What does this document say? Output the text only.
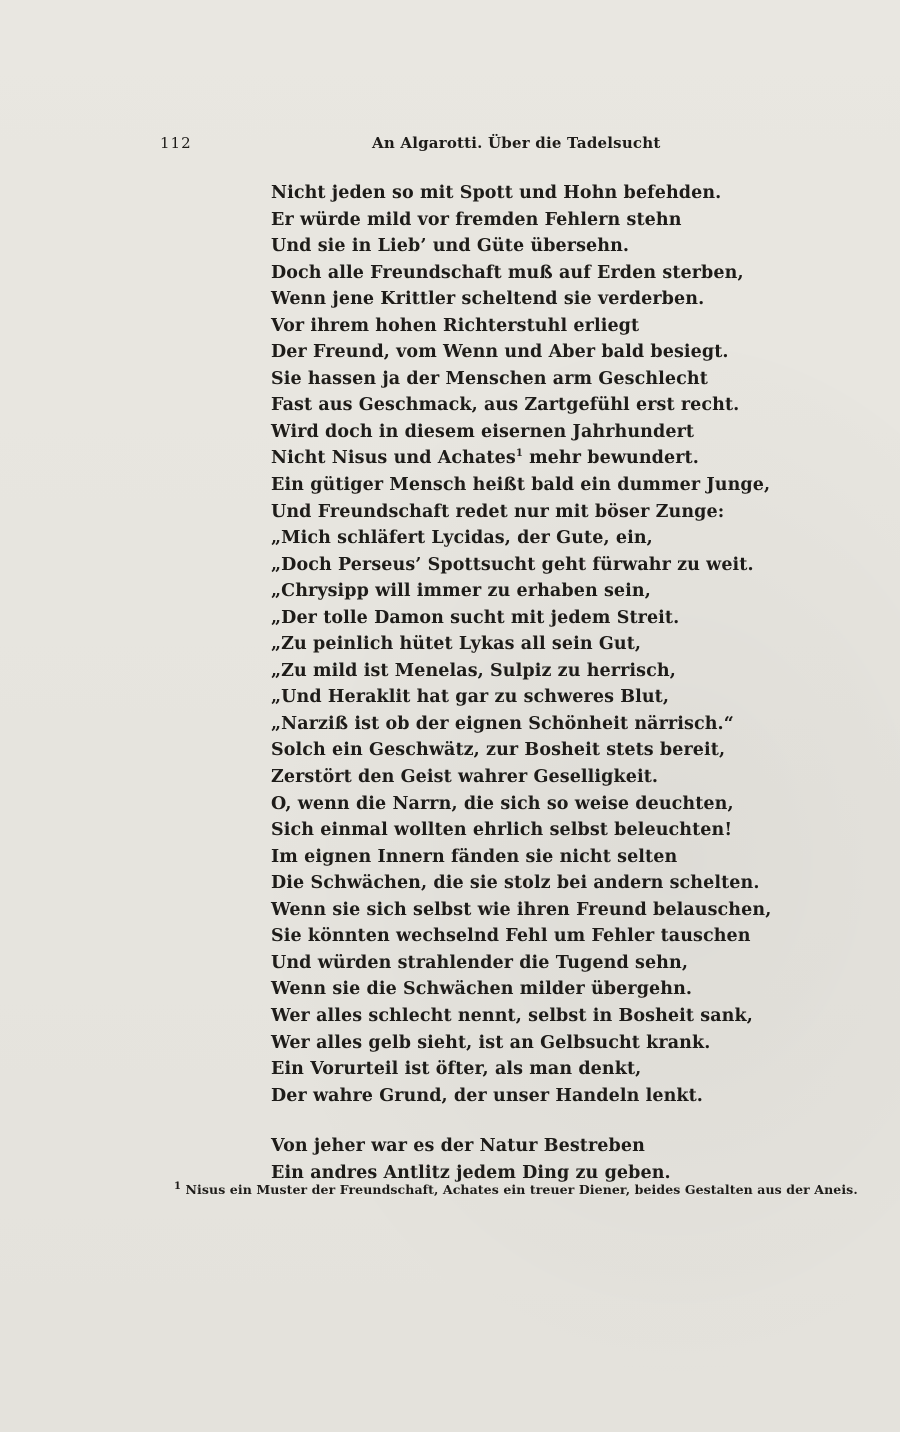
112	An Algarotti. Über die Tadelsucht
Nicht jeden so mit Spott und Hohn befehden.
Er würde mild vor fremden Fehlern stehn
Und sie in Lieb’ und Güte übersehn.
Doch alle Freundschaft muß auf Erden sterben,
Wenn jene Krittler scheltend sie verderben.
Vor ihrem hohen Richterstuhl erliegt
Der Freund, vom Wenn und Aber bald besiegt.
Sie hassen ja der Menschen arm Geschlecht
Fast aus Geschmack, aus Zartgefühl erst recht.
Wird doch in diesem eisernen Jahrhundert
Nicht Nisus und Achates$^1$ mehr bewundert.
Ein gütiger Mensch heißt bald ein dummer Junge,
Und Freundschaft redet nur mit böser Zunge:
„Mich schläfert Lycidas, der Gute, ein,
„Doch Perseus’ Spottsucht geht fürwahr zu weit.
„Chrysipp will immer zu erhaben sein,
„Der tolle Damon sucht mit jedem Streit.
„Zu peinlich hütet Lykas all sein Gut,
„Zu mild ist Menelas, Sulpiz zu herrisch,
„Und Heraklit hat gar zu schweres Blut,
„Narziß ist ob der eignen Schönheit närrisch.“
Solch ein Geschwätz, zur Bosheit stets bereit,
Zerstört den Geist wahrer Geselligkeit.
O, wenn die Narrn, die sich so weise deuchten,
Sich einmal wollten ehrlich selbst beleuchten!
Im eignen Innern fänden sie nicht selten
Die Schwächen, die sie stolz bei andern schelten.
Wenn sie sich selbst wie ihren Freund belauschen,
Sie könnten wechselnd Fehl um Fehler tauschen
Und würden strahlender die Tugend sehn,
Wenn sie die Schwächen milder übergehn.
Wer alles schlecht nennt, selbst in Bosheit sank,
Wer alles gelb sieht, ist an Gelbsucht krank.
Ein Vorurteil ist öfter, als man denkt,
Der wahre Grund, der unser Handeln lenkt.
Von jeher war es der Natur Bestreben
Ein andres Antlitz jedem Ding zu geben.
$^1$ Nisus ein Muster der Freundschaft, Achates ein treuer Diener, beides Gestalten aus der Aneis.
